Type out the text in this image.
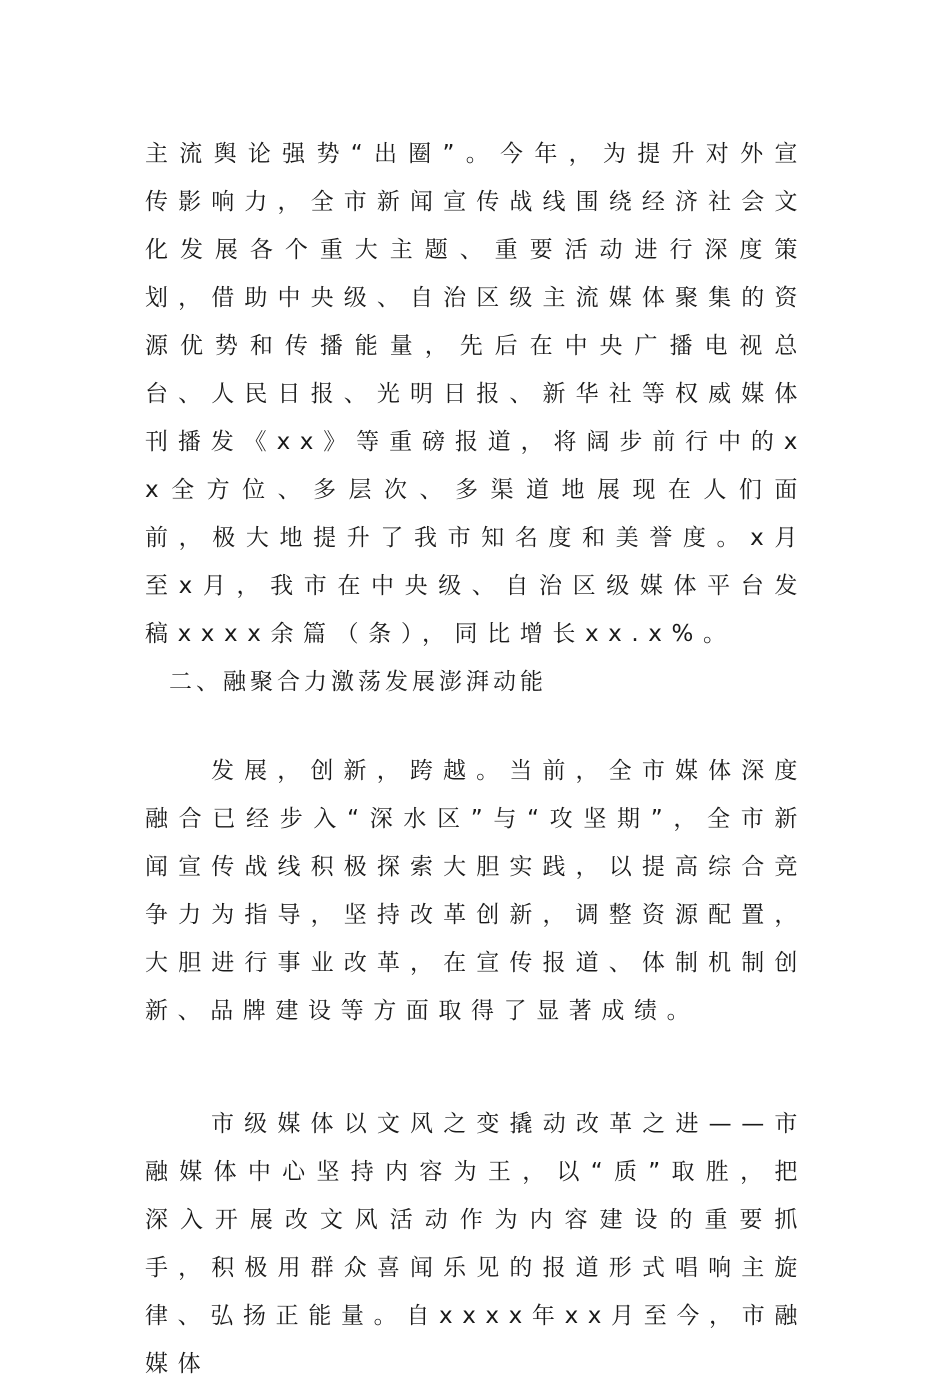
主流舆论强势“出圈”。今年，为提升对外宣传影响力，全市新闻宣传战线围绕经济社会文化发展各个重大主题、重要活动进行深度策划，借助中央级、自治区级主流媒体聚集的资源优势和传播能量，先后在中央广播电视总台、人民日报、光明日报、新华社等权威媒体刊播发《xx》等重磅报道，将阔步前行中的xx全方位、多层次、多渠道地展现在人们面前，极大地提升了我市知名度和美誉度。x月至x月，我市在中央级、自治区级媒体平台发稿xxxx余篇（条），同比增长xx.x%。

二、融聚合力激荡发展澎湃动能

发展，创新，跨越。当前，全市媒体深度融合已经步入“深水区”与“攻坚期”，全市新闻宣传战线积极探索大胆实践，以提高综合竞争力为指导，坚持改革创新，调整资源配置，大胆进行事业改革，在宣传报道、体制机制创新、品牌建设等方面取得了显著成绩。

市级媒体以文风之变撬动改革之进——市融媒体中心坚持内容为王，以“质”取胜，把深入开展改文风活动作为内容建设的重要抓手，积极用群众喜闻乐见的报道形式唱响主旋律、弘扬正能量。自xxxx年xx月至今，市融媒体
